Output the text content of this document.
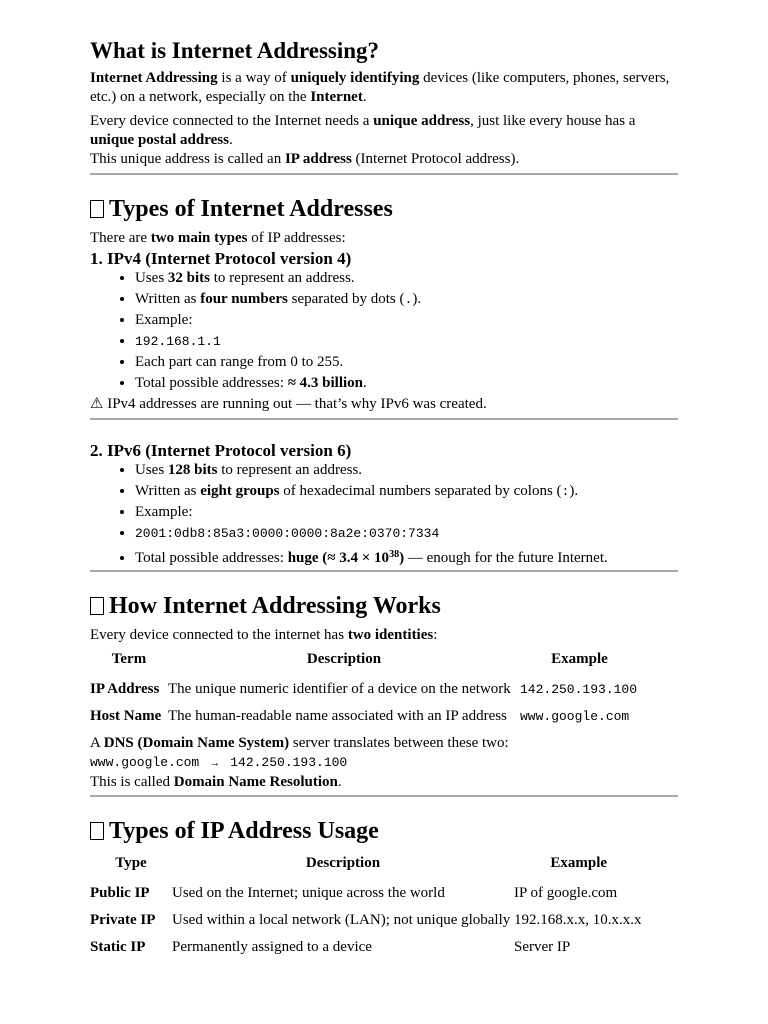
What is Internet Addressing?

Internet Addressing is a way of uniquely identifying devices (like computers, phones, servers, etc.) on a network, especially on the Internet.

Every device connected to the Internet needs a unique address, just like every house has a unique postal address.

This unique address is called an IP address (Internet Protocol address).

Types of Internet Addresses

There are two main types of IP addresses:

1. IPv4 (Internet Protocol version 4)
• Uses 32 bits to represent an address.
• Written as four numbers separated by dots (.).
• Example:
• 192.168.1.1
• Each part can range from 0 to 255.
• Total possible addresses: ≈ 4.3 billion.

⚠ IPv4 addresses are running out — that’s why IPv6 was created.

2. IPv6 (Internet Protocol version 6)
• Uses 128 bits to represent an address.
• Written as eight groups of hexadecimal numbers separated by colons (:).
• Example:
• 2001:0db8:85a3:0000:0000:8a2e:0370:7334
• Total possible addresses: huge (≈ $3.4 \times 10^{38}$) — enough for the future Internet.
How Internet Addressing Works

Every device connected to the internet has two identities:

Term	Description	Example
IP Address	The unique numeric identifier of a device on the network	142.250.193.100
Host Name	The human-readable name associated with an IP address	www.google.com

A DNS (Domain Name System) server translates between these two:

www.google.com → 142.250.193.100

This is called Domain Name Resolution.

Types of IP Address Usage
Type	Description	Example
Public IP	Used on the Internet; unique across the world	IP of google.com
Private IP	Used within a local network (LAN); not unique globally	192.168.x.x, 10.x.x.x
Static IP	Permanently assigned to a device	Server IP
